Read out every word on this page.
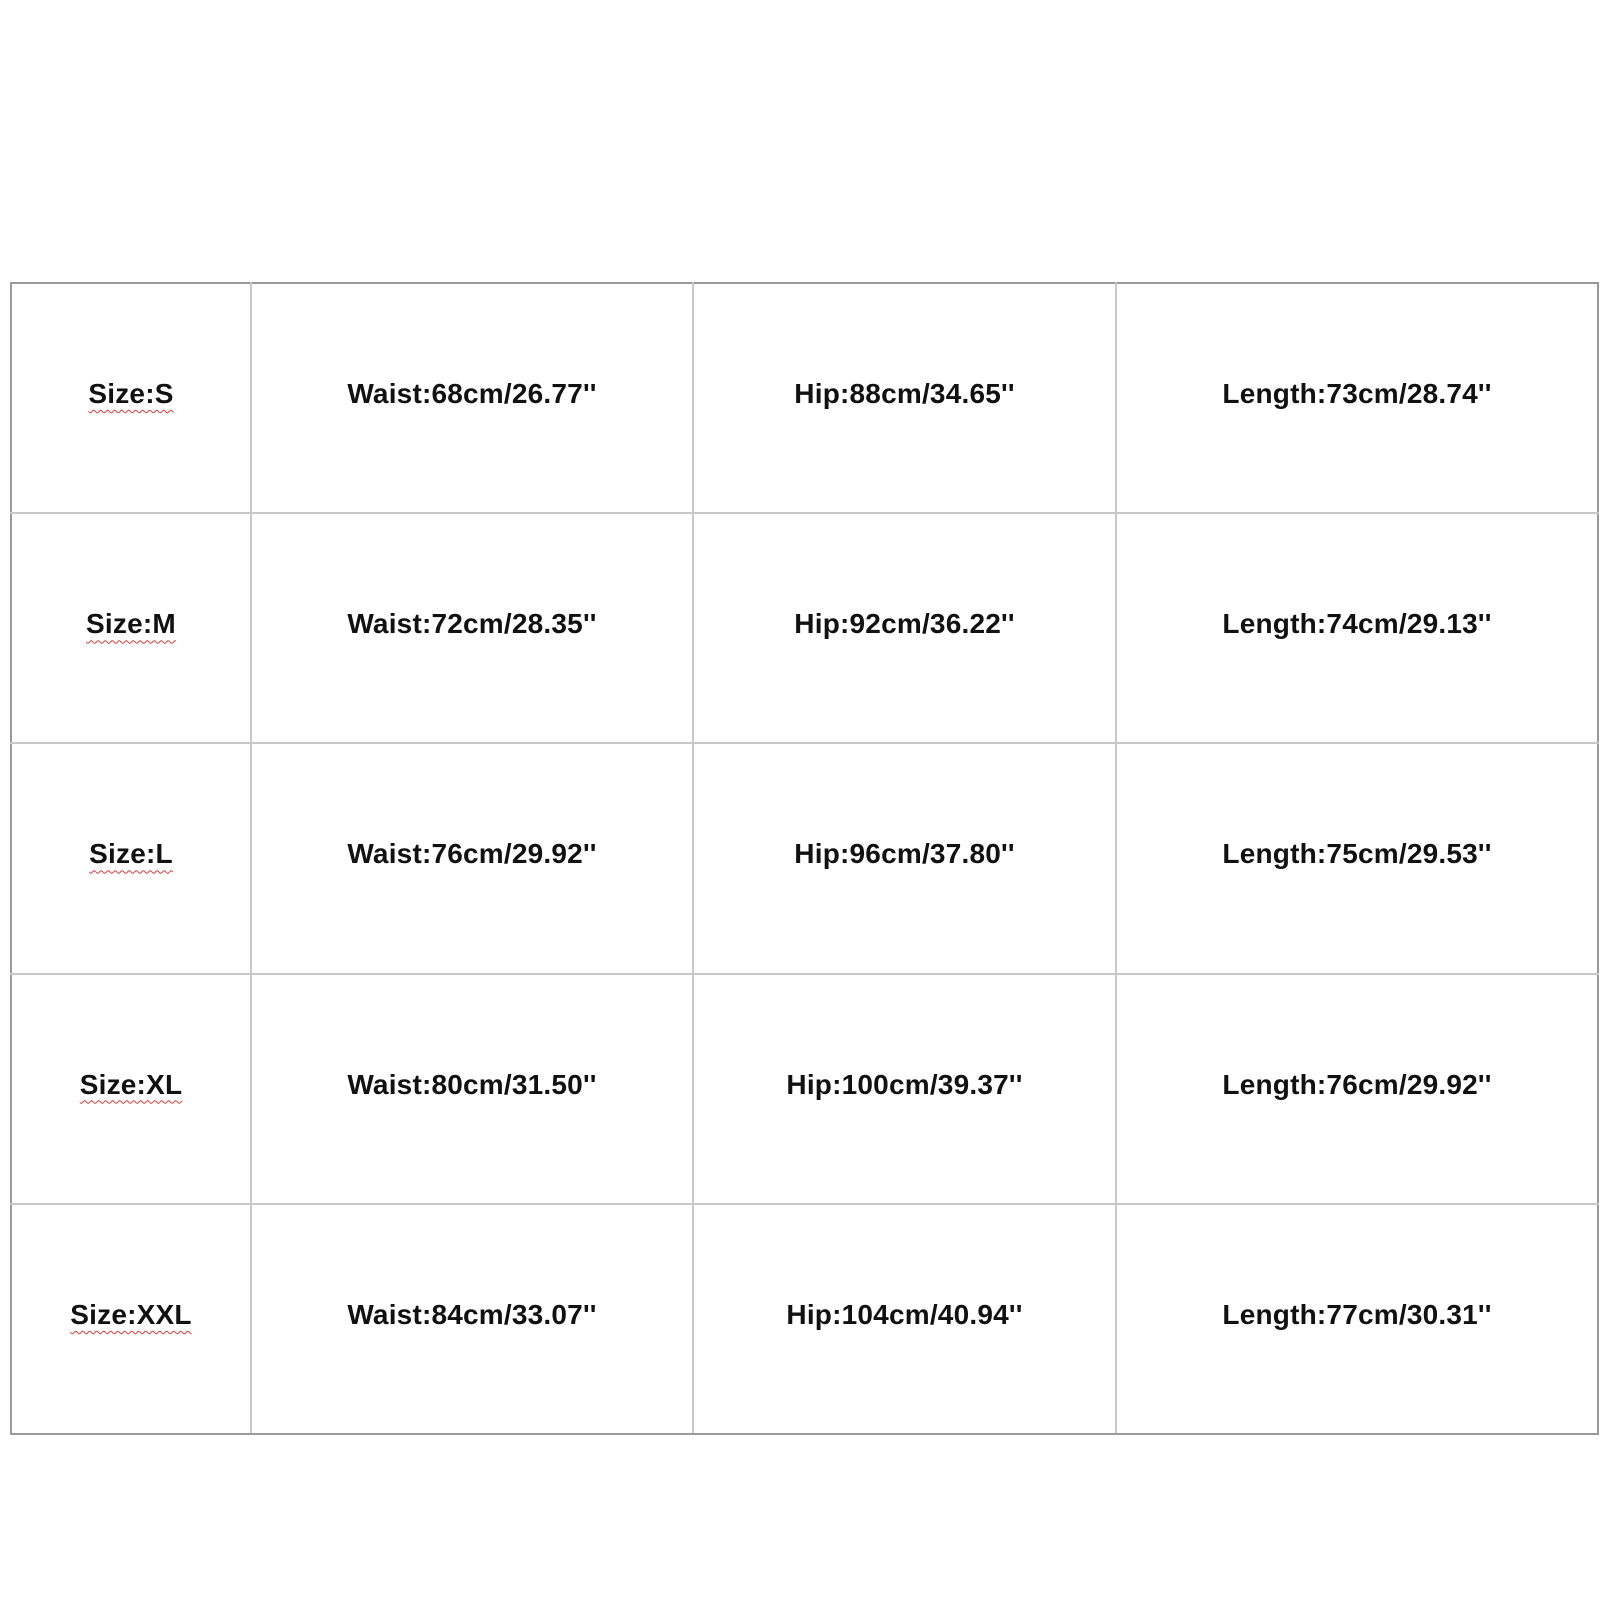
Size:S	Waist:68cm/26.77''	Hip:88cm/34.65''	Length:73cm/28.74''
Size:M	Waist:72cm/28.35''	Hip:92cm/36.22''	Length:74cm/29.13''
Size:L	Waist:76cm/29.92''	Hip:96cm/37.80''	Length:75cm/29.53''
Size:XL	Waist:80cm/31.50''	Hip:100cm/39.37''	Length:76cm/29.92''
Size:XXL	Waist:84cm/33.07''	Hip:104cm/40.94''	Length:77cm/30.31''
